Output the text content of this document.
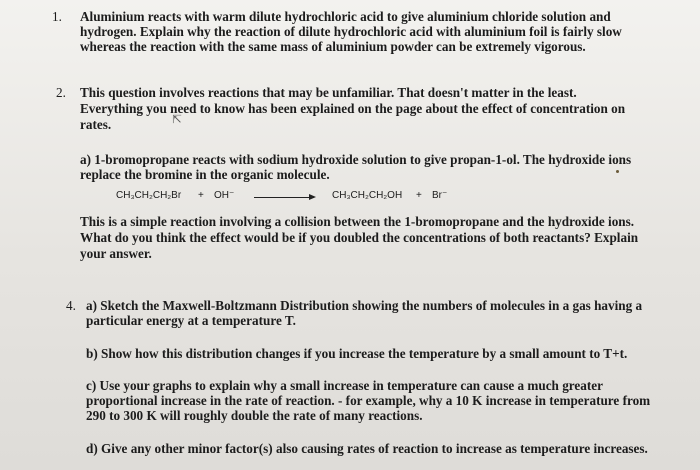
1. Aluminium reacts with warm dilute hydrochloric acid to give aluminium chloride solution and
hydrogen. Explain why the reaction of dilute hydrochloric acid with aluminium foil is fairly slow
whereas the reaction with the same mass of aluminium powder can be extremely vigorous.
2. This question involves reactions that may be unfamiliar. That doesn't matter in the least.
Everything you need to know has been explained on the page about the effect of concentration on
rates.	⇱
a) 1-bromopropane reacts with sodium hydroxide solution to give propan-1-ol. The hydroxide ions
replace the bromine in the organic molecule.
CH₃CH₂CH₂Br + OH⁻ → CH₃CH₂CH₂OH + Br⁻
This is a simple reaction involving a collision between the 1-bromopropane and the hydroxide ions.
What do you think the effect would be if you doubled the concentrations of both reactants? Explain
your answer.
4. a) Sketch the Maxwell-Boltzmann Distribution showing the numbers of molecules in a gas having a
particular energy at a temperature T.
b) Show how this distribution changes if you increase the temperature by a small amount to T+t.
c) Use your graphs to explain why a small increase in temperature can cause a much greater
proportional increase in the rate of reaction. - for example, why a 10 K increase in temperature from
290 to 300 K will roughly double the rate of many reactions.
d) Give any other minor factor(s) also causing rates of reaction to increase as temperature increases.
